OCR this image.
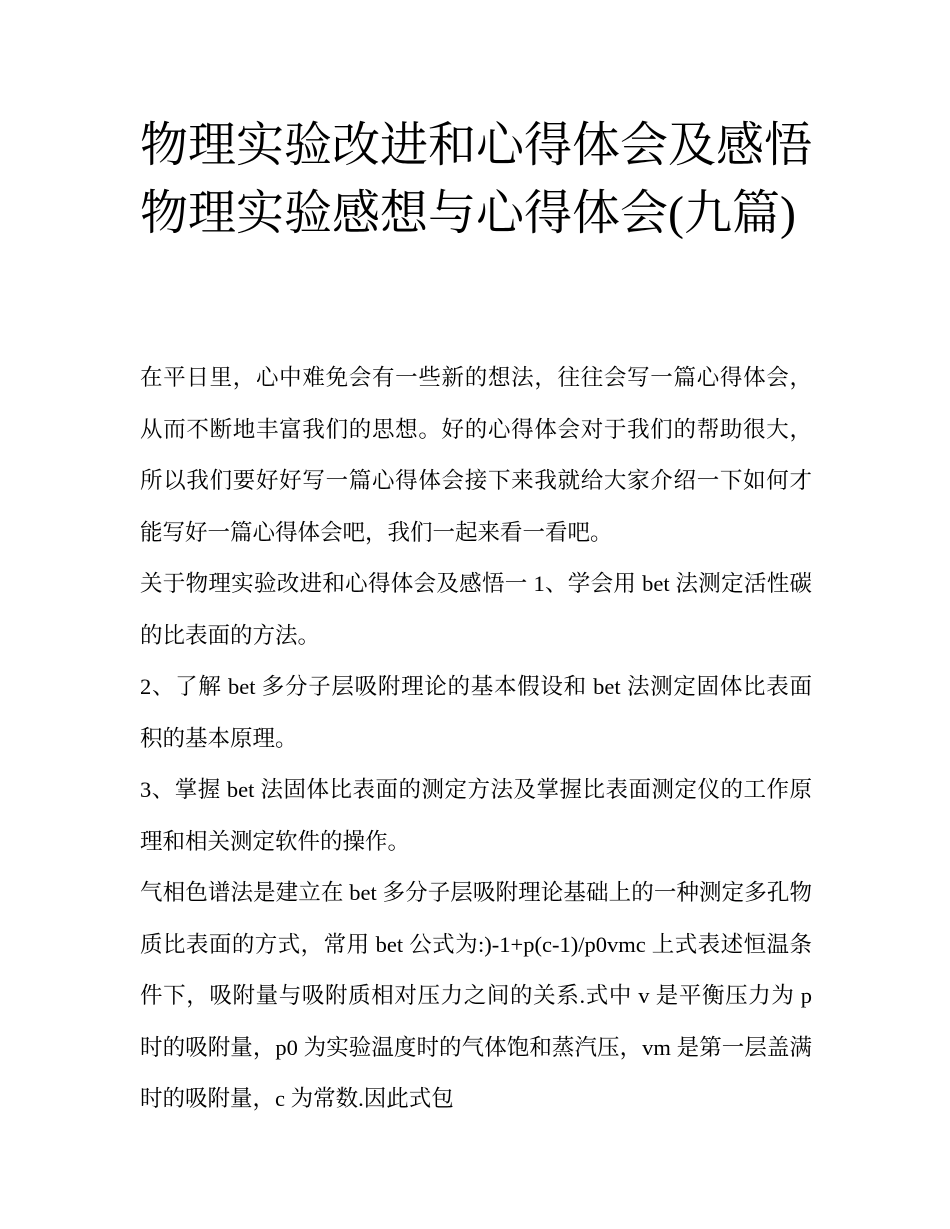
物理实验改进和心得体会及感悟 物理实验感想与心得体会(九篇)

在平日里，心中难免会有一些新的想法，往往会写一篇心得体会，从而不断地丰富我们的思想。好的心得体会对于我们的帮助很大，所以我们要好好写一篇心得体会接下来我就给大家介绍一下如何才能写好一篇心得体会吧，我们一起来看一看吧。

关于物理实验改进和心得体会及感悟一 1、学会用 bet 法测定活性碳的比表面的方法。

2、了解 bet 多分子层吸附理论的基本假设和 bet 法测定固体比表面积的基本原理。

3、掌握 bet 法固体比表面的测定方法及掌握比表面测定仪的工作原理和相关测定软件的操作。

气相色谱法是建立在 bet 多分子层吸附理论基础上的一种测定多孔物质比表面的方式，常用 bet 公式为:)-1+p(c-1)/p0vmc 上式表述恒温条件下，吸附量与吸附质相对压力之间的关系.式中 v 是平衡压力为 p 时的吸附量，p0 为实验温度时的气体饱和蒸汽压，vm 是第一层盖满时的吸附量，c 为常数.因此式包
